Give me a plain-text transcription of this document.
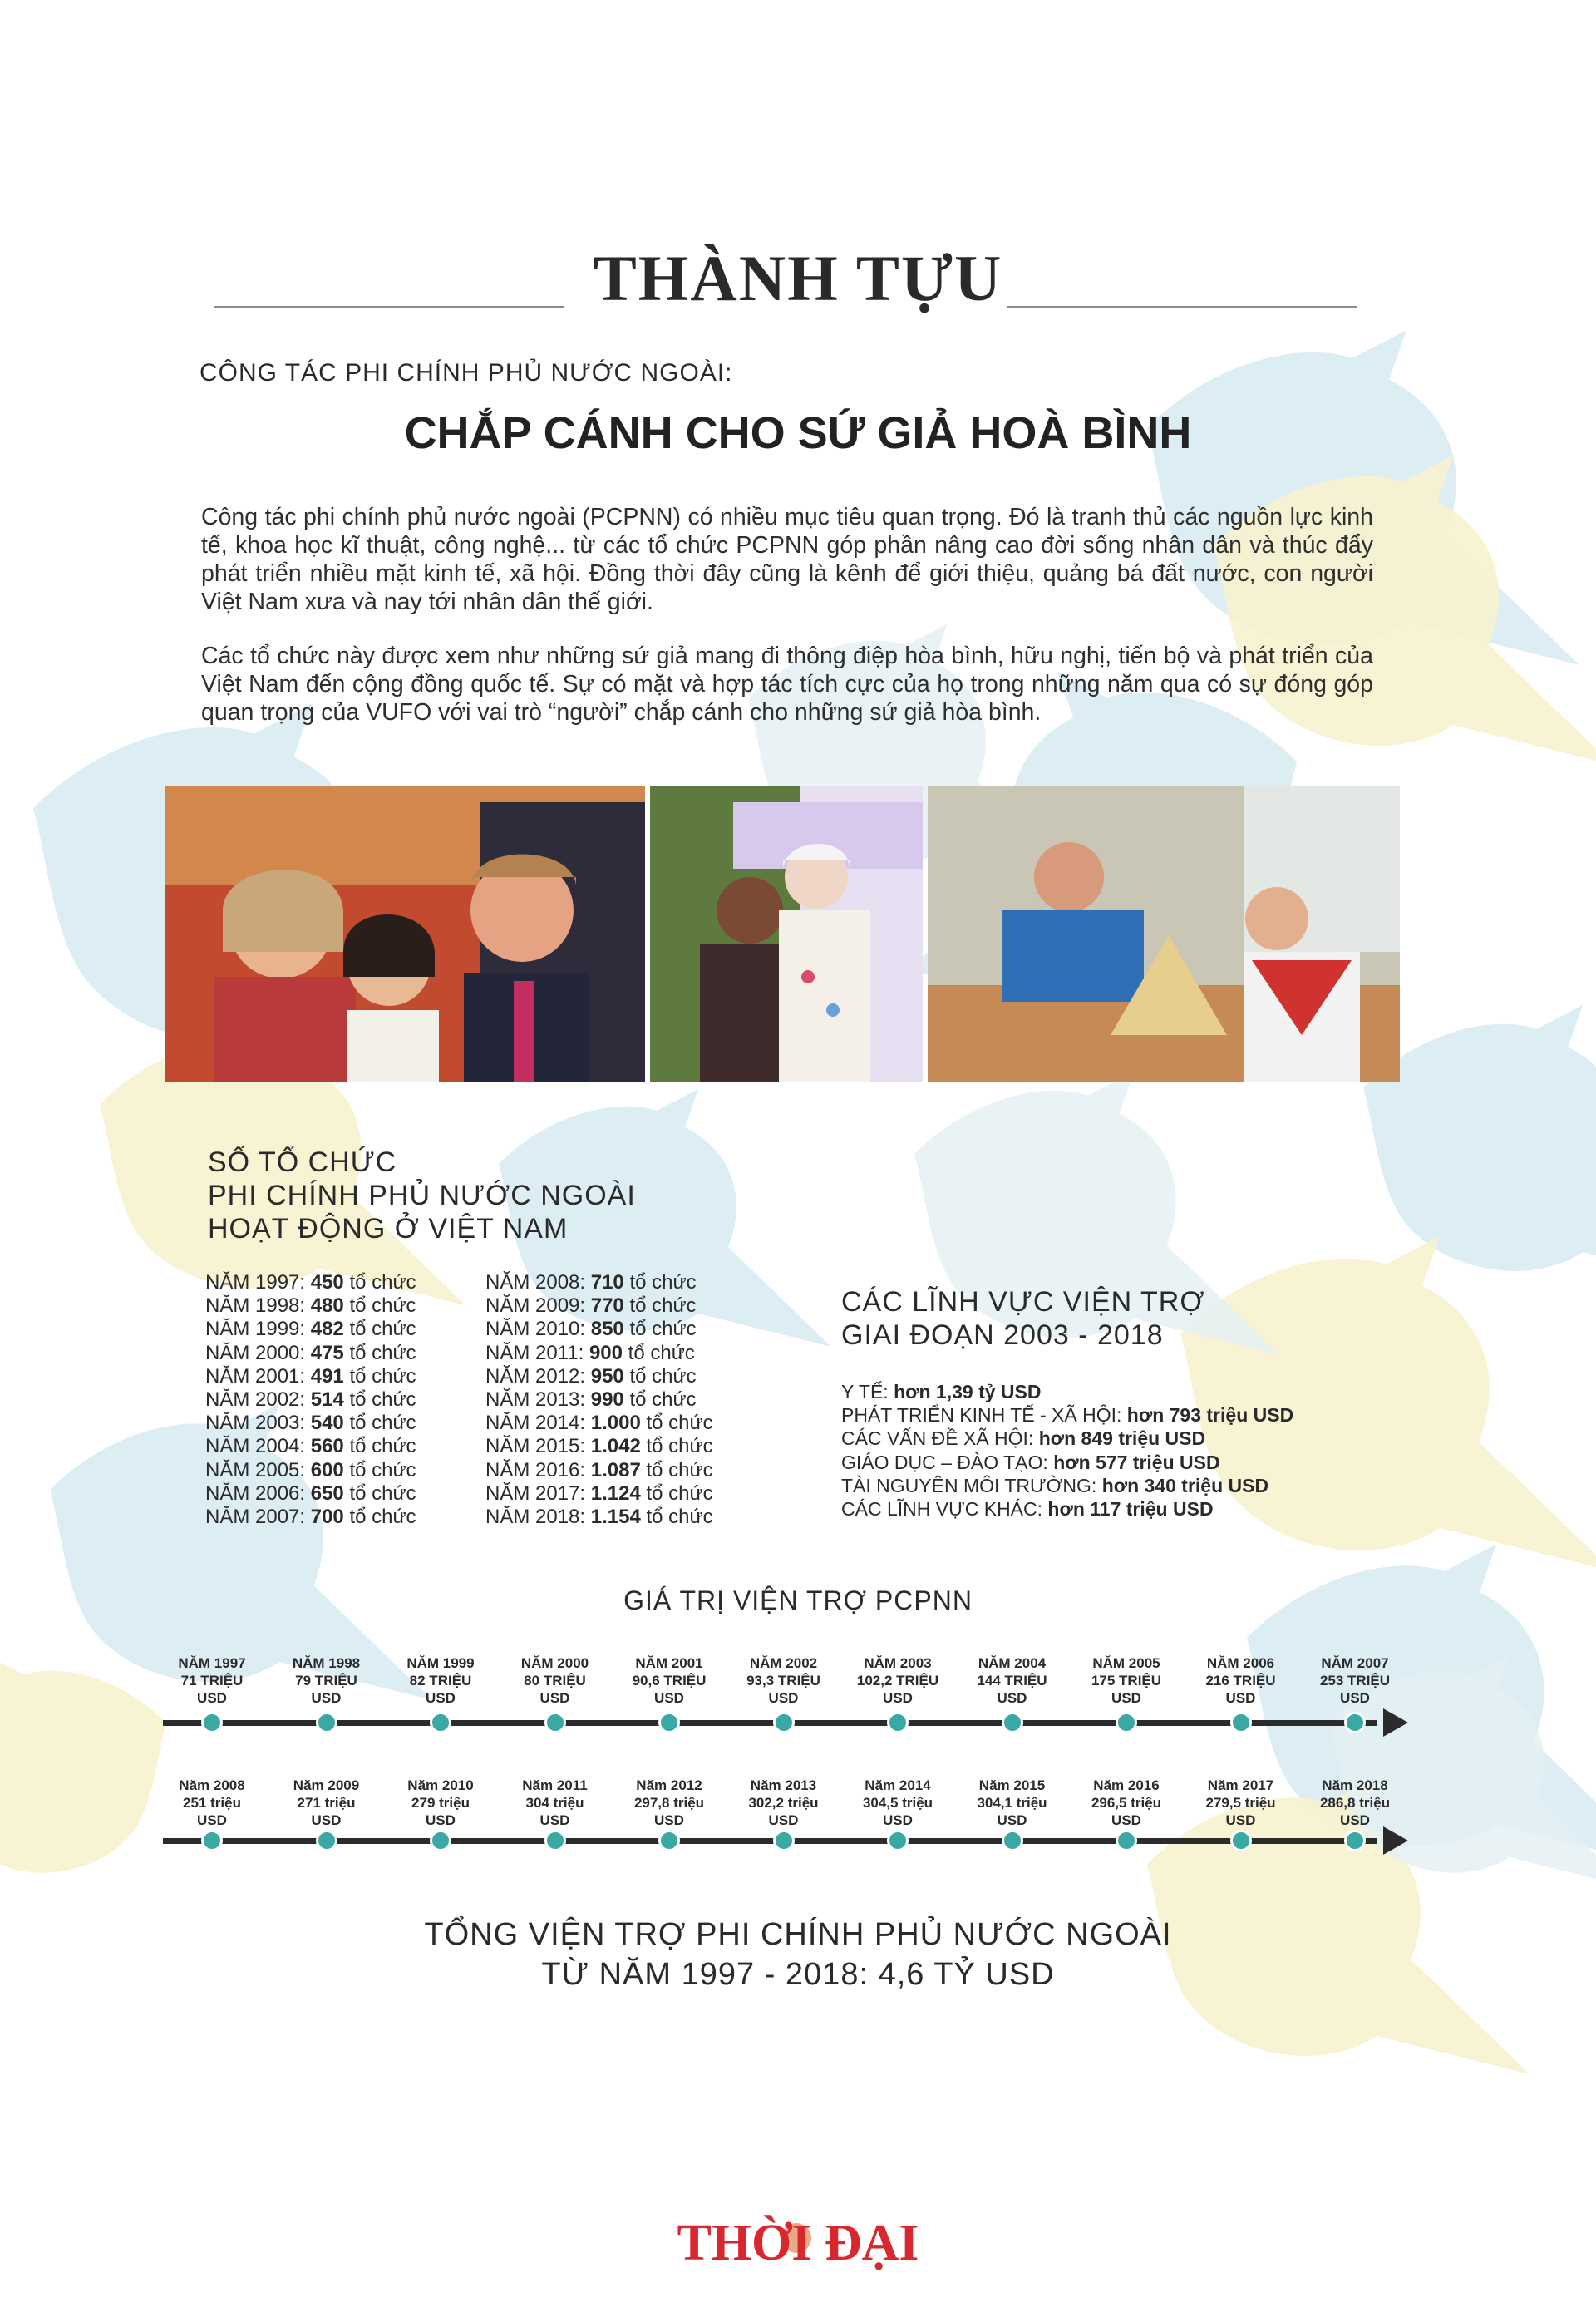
THÀNH TỰU
CÔNG TÁC PHI CHÍNH PHỦ NƯỚC NGOÀI:
CHẮP CÁNH CHO SỨ GIẢ HOÀ BÌNH
Công tác phi chính phủ nước ngoài (PCPNN) có nhiều mục tiêu quan trọng. Đó là tranh thủ các nguồn lực kinh tế, khoa học kĩ thuật, công nghệ... từ các tổ chức PCPNN góp phần nâng cao đời sống nhân dân và thúc đẩy phát triển nhiều mặt kinh tế, xã hội. Đồng thời đây cũng là kênh để giới thiệu, quảng bá đất nước, con người Việt Nam xưa và nay tới nhân dân thế giới.
Các tổ chức này được xem như những sứ giả mang đi thông điệp hòa bình, hữu nghị, tiến bộ và phát triển của Việt Nam đến cộng đồng quốc tế. Sự có mặt và hợp tác tích cực của họ trong những năm qua có sự đóng góp quan trọng của VUFO với vai trò “người” chắp cánh cho những sứ giả hòa bình.
SỐ TỔ CHỨC
PHI CHÍNH PHỦ NƯỚC NGOÀI
HOẠT ĐỘNG Ở VIỆT NAM
NĂM 1997: 450 tổ chức
NĂM 1998: 480 tổ chức
NĂM 1999: 482 tổ chức
NĂM 2000: 475 tổ chức
NĂM 2001: 491 tổ chức
NĂM 2002: 514 tổ chức
NĂM 2003: 540 tổ chức
NĂM 2004: 560 tổ chức
NĂM 2005: 600 tổ chức
NĂM 2006: 650 tổ chức
NĂM 2007: 700 tổ chức
NĂM 2008: 710 tổ chức
NĂM 2009: 770 tổ chức
NĂM 2010: 850 tổ chức
NĂM 2011: 900 tổ chức
NĂM 2012: 950 tổ chức
NĂM 2013: 990 tổ chức
NĂM 2014: 1.000 tổ chức
NĂM 2015: 1.042 tổ chức
NĂM 2016: 1.087 tổ chức
NĂM 2017: 1.124 tổ chức
NĂM 2018: 1.154 tổ chức
CÁC LĨNH VỰC VIỆN TRỢ
GIAI ĐOẠN 2003 - 2018
Y TẾ: hơn 1,39 tỷ USD
PHÁT TRIỂN KINH TẾ - XÃ HỘI: hơn 793 triệu USD
CÁC VẤN ĐỀ XÃ HỘI: hơn 849 triệu USD
GIÁO DỤC – ĐÀO TẠO: hơn 577 triệu USD
TÀI NGUYÊN MÔI TRƯỜNG: hơn 340 triệu USD
CÁC LĨNH VỰC KHÁC: hơn 117 triệu USD
GIÁ TRỊ VIỆN TRỢ PCPNN
NĂM 1997
71 TRIỆU
USD
NĂM 1998
79 TRIỆU
USD
NĂM 1999
82 TRIỆU
USD
NĂM 2000
80 TRIỆU
USD
NĂM 2001
90,6 TRIỆU
USD
NĂM 2002
93,3 TRIỆU
USD
NĂM 2003
102,2 TRIỆU
USD
NĂM 2004
144 TRIỆU
USD
NĂM 2005
175 TRIỆU
USD
NĂM 2006
216 TRIỆU
USD
NĂM 2007
253 TRIỆU
USD
Năm 2008
251 triệu
USD
Năm 2009
271 triệu
USD
Năm 2010
279 triệu
USD
Năm 2011
304 triệu
USD
Năm 2012
297,8 triệu
USD
Năm 2013
302,2 triệu
USD
Năm 2014
304,5 triệu
USD
Năm 2015
304,1 triệu
USD
Năm 2016
296,5 triệu
USD
Năm 2017
279,5 triệu
USD
Năm 2018
286,8 triệu
USD
TỔNG VIỆN TRỢ PHI CHÍNH PHỦ NƯỚC NGOÀI
TỪ NĂM 1997 - 2018: 4,6 TỶ USD
THỜI ĐẠI
